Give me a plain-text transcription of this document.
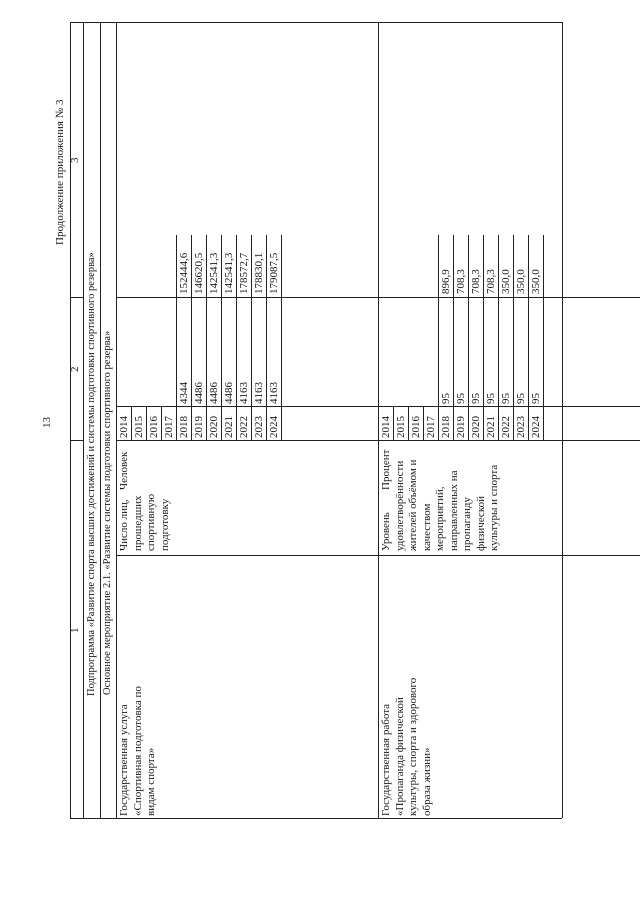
13
Продолжение приложения № 3
1
2
3
Подпрограмма «Развитие спорта высших достижений и системы подготовки спортивного резерва» Основное мероприятие 2.1. «Развитие системы подготовки спортивного резерва»
Государственная услуга «Спортивная подготовка по видам спорта»
Число лиц, прошедших спортивную подготовку
Человек
2014 2015 2016 2017 2018
4344
152444,6
2019
4486
146620,5
2020
4486
142541,3
2021
4486
142541,3
2022
4163
178572,7
2023
4163
178830,1
2024
4163
179087,5
Государственная работа «Пропаганда физической культуры, спорта и здорового образа жизни»
Уровень удовлетворённости жителей объёмом и качеством мероприятий, направленных на пропаганду физической культуры и спорта
Процент
2014 2015 2016 2017 2018
95
896,9
2019
95
708,3
2020
95
708,3
2021
95
708,3
2022
95
350,0
2023
95
350,0
2024
95
350,0
